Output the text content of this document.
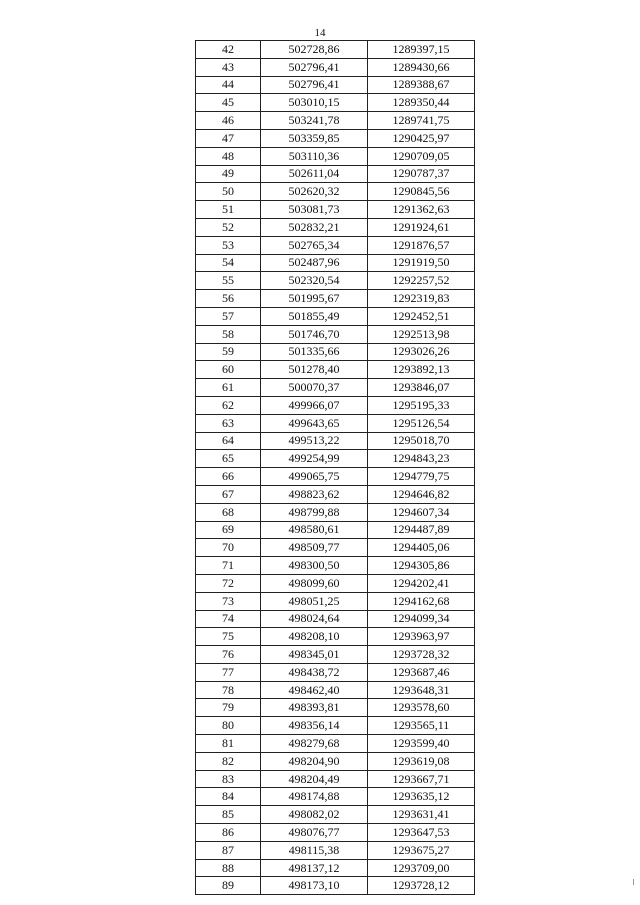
14
42	502728,86	1289397,15
43	502796,41	1289430,66
44	502796,41	1289388,67
45	503010,15	1289350,44
46	503241,78	1289741,75
47	503359,85	1290425,97
48	503110,36	1290709,05
49	502611,04	1290787,37
50	502620,32	1290845,56
51	503081,73	1291362,63
52	502832,21	1291924,61
53	502765,34	1291876,57
54	502487,96	1291919,50
55	502320,54	1292257,52
56	501995,67	1292319,83
57	501855,49	1292452,51
58	501746,70	1292513,98
59	501335,66	1293026,26
60	501278,40	1293892,13
61	500070,37	1293846,07
62	499966,07	1295195,33
63	499643,65	1295126,54
64	499513,22	1295018,70
65	499254,99	1294843,23
66	499065,75	1294779,75
67	498823,62	1294646,82
68	498799,88	1294607,34
69	498580,61	1294487,89
70	498509,77	1294405,06
71	498300,50	1294305,86
72	498099,60	1294202,41
73	498051,25	1294162,68
74	498024,64	1294099,34
75	498208,10	1293963,97
76	498345,01	1293728,32
77	498438,72	1293687,46
78	498462,40	1293648,31
79	498393,81	1293578,60
80	498356,14	1293565,11
81	498279,68	1293599,40
82	498204,90	1293619,08
83	498204,49	1293667,71
84	498174,88	1293635,12
85	498082,02	1293631,41
86	498076,77	1293647,53
87	498115,38	1293675,27
88	498137,12	1293709,00
89	498173,10	1293728,12
